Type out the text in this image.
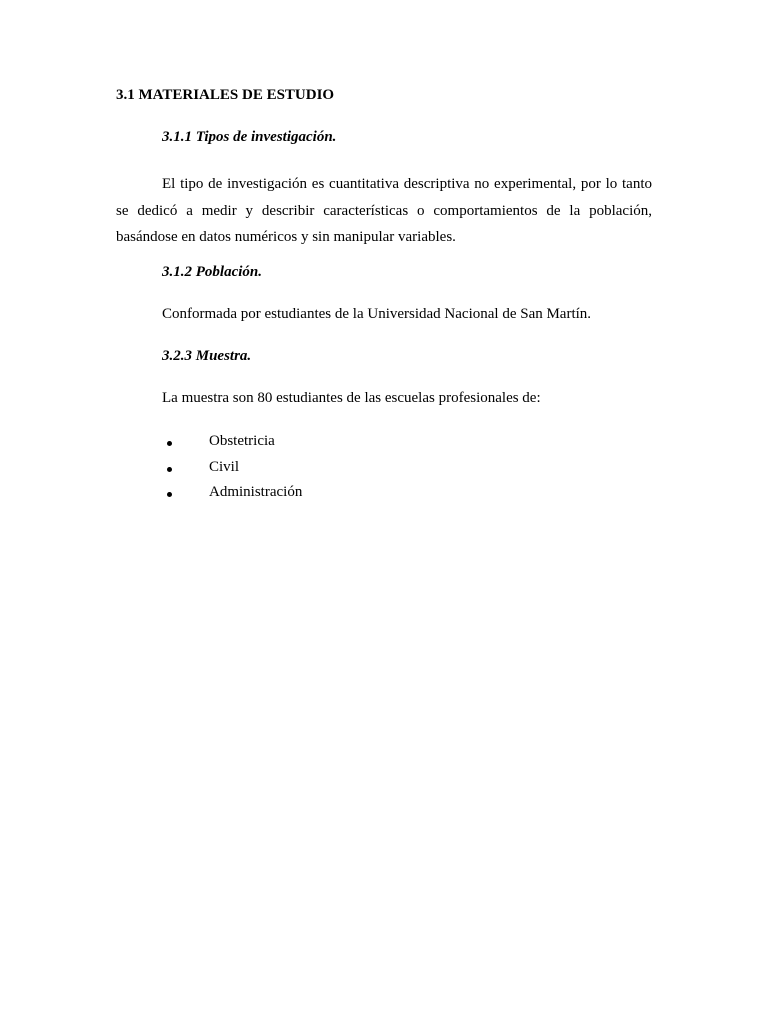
3.1 MATERIALES DE ESTUDIO
3.1.1 Tipos de investigación.

El tipo de investigación es cuantitativa descriptiva no experimental, por lo tanto se dedicó a medir y describir características o comportamientos de la población, basándose en datos numéricos y sin manipular variables.

3.1.2 Población.

Conformada por estudiantes de la Universidad Nacional de San Martín.

3.2.3 Muestra.

La muestra son 80 estudiantes de las escuelas profesionales de:

Obstetricia
Civil
Administración
